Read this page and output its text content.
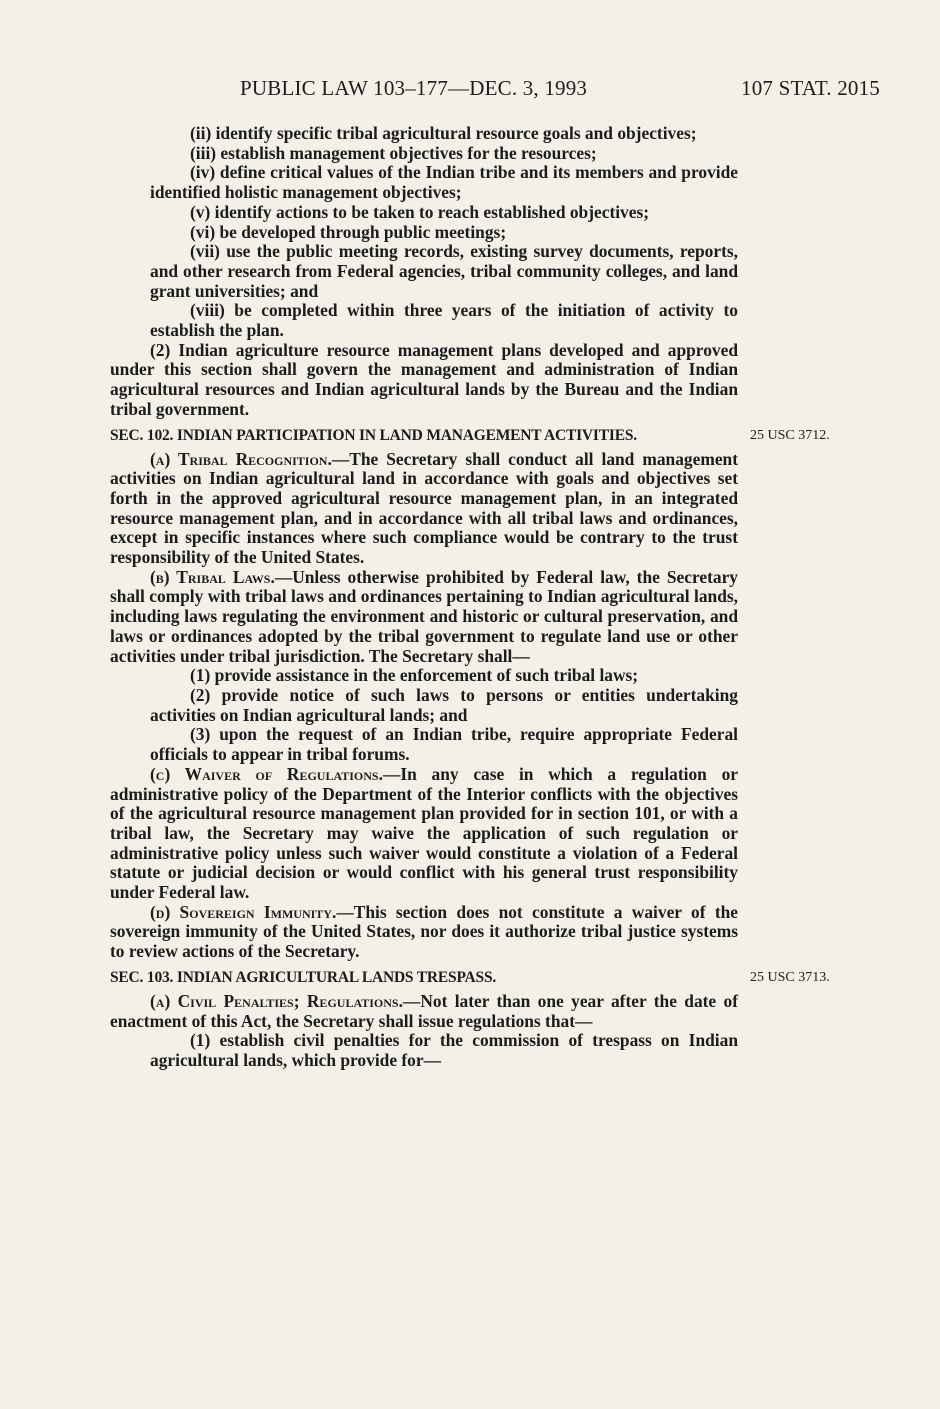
PUBLIC LAW 103–177—DEC. 3, 1993	107 STAT. 2015

(ii) identify specific tribal agricultural resource goals and objectives;

(iii) establish management objectives for the resources;

(iv) define critical values of the Indian tribe and its members and provide identified holistic management objectives;

(v) identify actions to be taken to reach established objectives;

(vi) be developed through public meetings;

(vii) use the public meeting records, existing survey documents, reports, and other research from Federal agencies, tribal community colleges, and land grant universities; and

(viii) be completed within three years of the initiation of activity to establish the plan.

(2) Indian agriculture resource management plans developed and approved under this section shall govern the management and administration of Indian agricultural resources and Indian agricultural lands by the Bureau and the Indian tribal government.

SEC. 102. INDIAN PARTICIPATION IN LAND MANAGEMENT ACTIVITIES.	25 USC 3712.

(a) Tribal Recognition.—The Secretary shall conduct all land management activities on Indian agricultural land in accordance with goals and objectives set forth in the approved agricultural resource management plan, in an integrated resource management plan, and in accordance with all tribal laws and ordinances, except in specific instances where such compliance would be contrary to the trust responsibility of the United States.

(b) Tribal Laws.—Unless otherwise prohibited by Federal law, the Secretary shall comply with tribal laws and ordinances pertaining to Indian agricultural lands, including laws regulating the environment and historic or cultural preservation, and laws or ordinances adopted by the tribal government to regulate land use or other activities under tribal jurisdiction. The Secretary shall—

(1) provide assistance in the enforcement of such tribal laws;

(2) provide notice of such laws to persons or entities undertaking activities on Indian agricultural lands; and

(3) upon the request of an Indian tribe, require appropriate Federal officials to appear in tribal forums.

(c) Waiver of Regulations.—In any case in which a regulation or administrative policy of the Department of the Interior conflicts with the objectives of the agricultural resource management plan provided for in section 101, or with a tribal law, the Secretary may waive the application of such regulation or administrative policy unless such waiver would constitute a violation of a Federal statute or judicial decision or would conflict with his general trust responsibility under Federal law.

(d) Sovereign Immunity.—This section does not constitute a waiver of the sovereign immunity of the United States, nor does it authorize tribal justice systems to review actions of the Secretary.

SEC. 103. INDIAN AGRICULTURAL LANDS TRESPASS.	25 USC 3713.

(a) Civil Penalties; Regulations.—Not later than one year after the date of enactment of this Act, the Secretary shall issue regulations that—

(1) establish civil penalties for the commission of trespass on Indian agricultural lands, which provide for—
